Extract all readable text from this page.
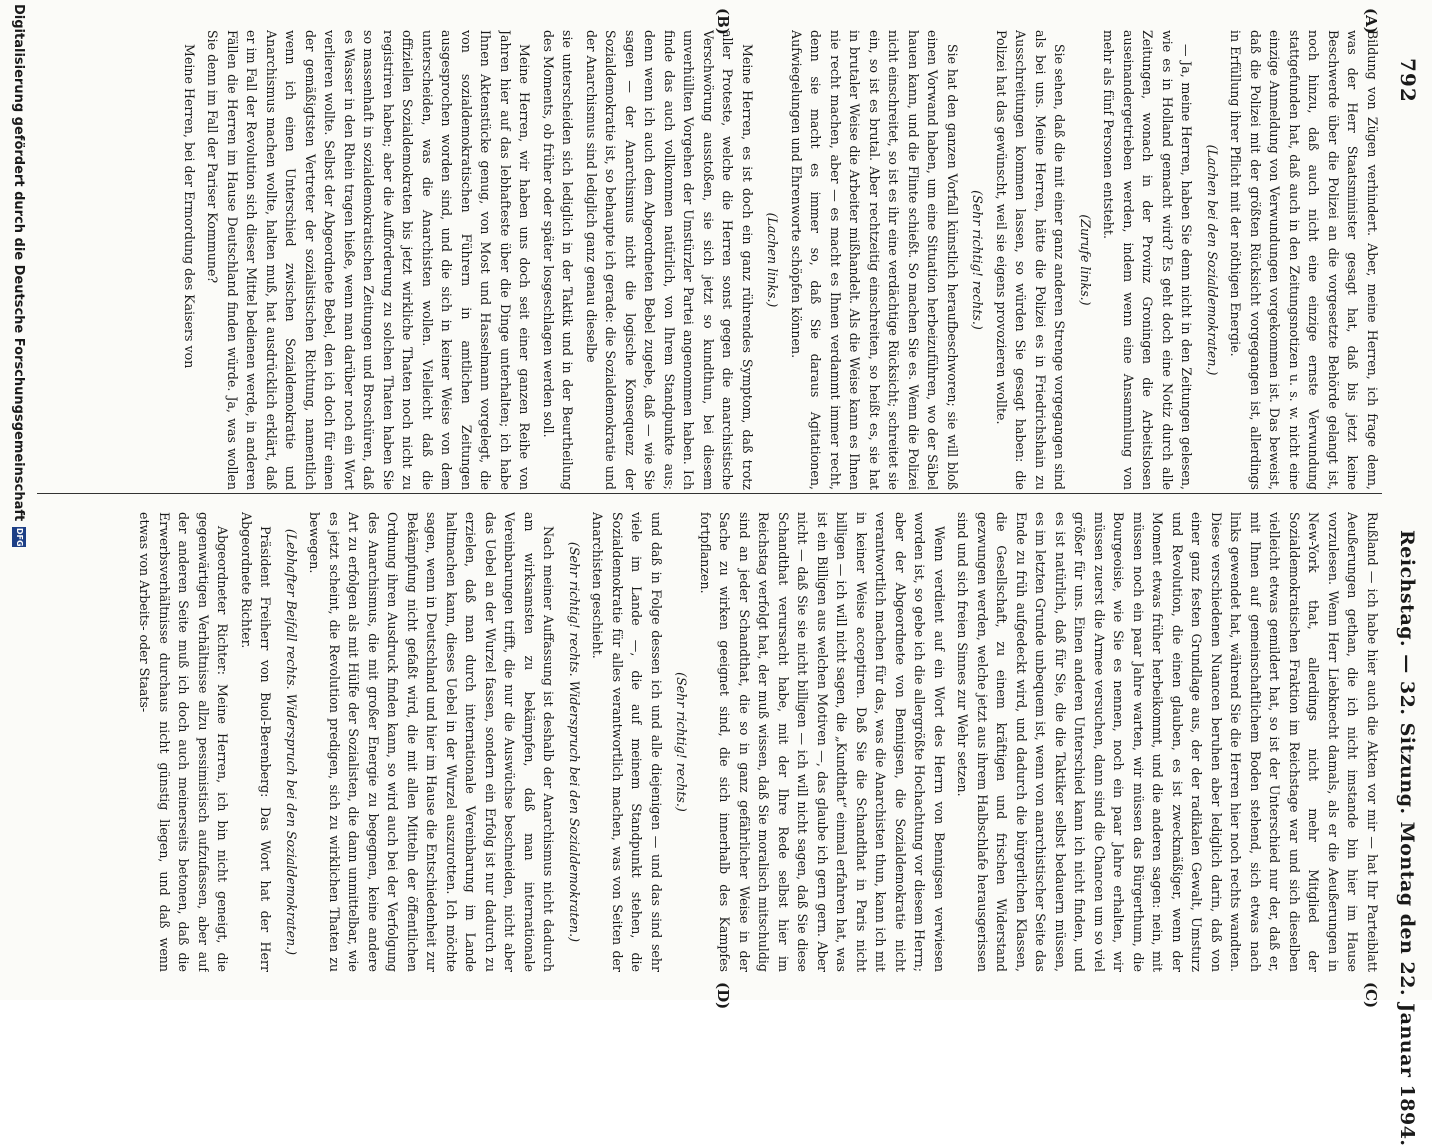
792
Reichstag. — 32. Sitzung. Montag den 22. Januar 1894.
(A)
(B)
(C)
(D)

Bildung von Zügen verhindert. Aber, meine Herren, ich frage denn, was der Herr Staatsminister gesagt hat, daß bis jetzt keine Beschwerde über die Polizei an die vorgesetzte Behörde gelangt ist, noch hinzu, daß auch nicht eine einzige ernste Verwundung stattgefunden hat, daß auch in den Zeitungsnotizen u. s. w. nicht eine einzige Anmeldung von Verwundungen vorgekommen ist. Das beweist, daß die Polizei mit der größten Rücksicht vorgegangen ist, allerdings in Erfüllung ihrer Pflicht mit der nöthigen Energie.

(Lachen bei den Sozialdemokraten.)

— Ja, meine Herren, haben Sie denn nicht in den Zeitungen gelesen, wie es in Holland gemacht wird? Es geht doch eine Notiz durch alle Zeitungen, wonach in der Provinz Groningen die Arbeitslosen auseinandergetrieben werden, indem wenn eine Ansammlung von mehr als fünf Personen entsteht.

(Zurufe links.)

Sie sehen, daß die mit einer ganz anderen Strenge vorgegangen sind als bei uns. Meine Herren, hätte die Polizei es in Friedrichshain zu Ausschreitungen kommen lassen, so würden Sie gesagt haben: die Polizei hat das gewünscht, weil sie eigens provozieren wollte.

(Sehr richtig! rechts.)

Sie hat den ganzen Vorfall künstlich heraufbeschworen; sie will bloß einen Vorwand haben, um eine Situation herbeizuführen, wo der Säbel hauen kann, und die Flinte schießt. So machen Sie es. Wenn die Polizei nicht einschreitet, so ist es ihr eine verdächtige Rücksicht; schreitet sie ein, so ist es brutal. Aber rechtzeitig einschreiten, so heißt es, sie hat in brutaler Weise die Arbeiter mißhandelt. Als die Weise kann es Ihnen nie recht machen, aber — es macht es Ihnen verdammt immer recht, denn sie macht es immer so, daß Sie daraus Agitationen, Aufwiegelungen und Ehrenworte schöpfen können.

(Lachen links.)

Meine Herren, es ist doch ein ganz rührendes Symptom, daß trotz aller Proteste, welche die Herren sonst gegen die anarchistische Verschwörung ausstoßen, sie sich jetzt so kundthun, bei diesem unverhüllten Vorgehen der Umstürzler Partei angenommen haben. Ich finde das auch vollkommen natürlich, von Ihrem Standpunkte aus; denn wenn ich auch dem Abgeordneten Bebel zugebe, daß — wie Sie sagen — der Anarchismus nicht die logische Konsequenz der Sozialdemokratie ist, so behaupte ich gerade: die Sozialdemokratie und der Anarchismus sind lediglich ganz genau dieselbe

sie unterscheiden sich lediglich in der Taktik und in der Beurtheilung des Moments, ob früher oder später losgeschlagen werden soll.

Meine Herren, wir haben uns doch seit einer ganzen Reihe von Jahren hier auf das lebhafteste über die Dinge unterhalten; ich habe Ihnen Aktenstücke genug, von Most und Hasselmann vorgelegt, die von sozialdemokratischen Führern in amtlichen Zeitungen ausgesprochen worden sind, und die sich in keiner Weise von dem unterscheiden, was die Anarchisten wollen. Vielleicht daß die offiziellen Sozialdemokraten bis jetzt wirkliche Thaten noch nicht zu registriren haben; aber die Aufforderung zu solchen Thaten haben Sie so massenhaft in sozialdemokratischen Zeitungen und Broschüren, daß es Wasser in den Rhein tragen hieße, wenn man darüber noch ein Wort verlieren wollte. Selbst der Abgeordnete Bebel, den ich doch für einen der gemäßigtsten Vertreter der sozialistischen Richtung, namentlich wenn ich einen Unterschied zwischen Sozialdemokratie und Anarchismus machen wollte, halten muß, hat ausdrücklich erklärt, daß er im Fall der Revolution sich dieser Mittel bedienen werde, in anderen Fällen die Herren im Hause Deutschland finden würde. Ja, was wollen Sie denn im Fall der Pariser Kommune?

Meine Herren, bei der Ermordung des Kaisers von

Rußland — ich habe hier auch die Akten vor mir — hat Ihr Parteiblatt Aeußerungen gethan, die ich nicht imstande bin hier im Hause vorzulesen. Wenn Herr Liebknecht damals, als er die Aeußerungen in New-York that, allerdings nicht mehr Mitglied der Sozialdemokratischen Fraktion im Reichstage war und sich dieselben vielleicht etwas gemildert hat, so ist der Unterschied nur der, daß er, mit Ihnen auf gemeinschaftlichem Boden stehend, sich etwas nach links gewendet hat, während Sie die Herren hier noch rechts wandten. Diese verschiedenen Nuancen beruhen aber lediglich darin, daß von einer ganz festen Grundlage aus, der der radikalen Gewalt, Umsturz und Revolution, die einen glauben, es ist zweckmäßiger, wenn der Moment etwas früher herbeikommt, und die anderen sagen: nein, mit müssen noch ein paar Jahre warten, wir müssen das Bürgerthum, die Bourgeoisie, wie Sie es nennen, noch ein paar Jahre erhalten, wir müssen zuerst die Armee versuchen, dann sind die Chancen um so viel größer für uns. Einen anderen Unterschied kann ich nicht finden, und es ist natürlich, daß für Sie, die die Taktiker selbst bedauern müssen, es im letzten Grunde unbequem ist, wenn von anarchistischer Seite das Ende zu früh aufgedeckt wird, und dadurch die bürgerlichen Klassen, die Gesellschaft, zu einem kräftigen und frischen Widerstand gezwungen werden, welche jetzt aus ihrem Halbschlafe herausgerissen sind und sich freien Sinnes zur Wehr setzen.

Wenn verdient auf ein Wort des Herrn von Bennigsen verwiesen worden ist, so gebe ich die allergrößte Hochachtung vor diesem Herrn; aber der Abgeordnete von Bennigsen, die Sozialdemokratie nicht verantwortlich machen für das, was die Anarchisten thun, kann ich mit in keiner Weise acceptiren. Daß Sie die Schandthat in Paris nicht billigen — ich will nicht sagen, die „Kundthat“ einmal erfahren hat, was ist ein Billigen aus welchen Motiven —, das glaube ich gern gern. Aber nicht — daß Sie sie nicht billigen — ich will nicht sagen, daß Sie diese Schandthat verursacht habe, mit der Ihre Rede selbst hier im Reichstag verfolgt hat, der muß wissen, daß Sie moralisch mitschuldig sind an jeder Schandthat, die so in ganz gefährlicher Weise in der Sache zu wirken geeignet sind, die sich innerhalb des Kampfes fortpflanzen.

(Sehr richtig! rechts.)

und daß in Folge dessen ich und alle diejenigen — und das sind sehr viele im Lande —, die auf meinem Standpunkt stehen, die Sozialdemokratie für alles verantwortlich machen, was von Seiten der Anarchisten geschieht.

(Sehr richtig! rechts. Widerspruch bei den Sozialdemokraten.)

Nach meiner Auffassung ist deshalb der Anarchismus nicht dadurch am wirksamsten zu bekämpfen, daß man internationale Vereinbarungen trifft, die nur die Auswüchse beschneiden, nicht aber das Uebel an der Wurzel fassen, sondern ein Erfolg ist nur dadurch zu erzielen, daß man durch internationale Vereinbarung im Lande haltmachen kann, dieses Uebel in der Wurzel auszurotten. Ich möchte sagen, wenn in Deutschland und hier im Hause die Entschiedenheit zur Bekämpfung nicht gefaßt wird, die mit allen Mitteln der öffentlichen Ordnung ihren Ausdruck finden kann, so wird auch bei der Verfolgung des Anarchismus, die mit großer Energie zu begegnen, keine andere Art zu erfolgen als mit Hülfe der Sozialisten, die dann unmittelbar, wie es jetzt scheint, die Revolution predigen, sich zu wirklichen Thaten zu bewegen.

(Lebhafter Beifall rechts. Widerspruch bei den Sozialdemokraten.)

Präsident Freiherr von Buol-Berenberg: Das Wort hat der Herr Abgeordnete Richter.

Abgeordneter Richter: Meine Herren, ich bin nicht geneigt, die gegenwärtigen Verhältnisse allzu pessimistisch aufzufassen, aber auf der anderen Seite muß ich doch auch meinerseits betonen, daß die Erwerbsverhältnisse durchaus nicht günstig liegen, und daß wenn etwas von Arbeits- oder Staats-

Digitalisierung gefördert durch die Deutsche Forschungsgemeinschaft
DFG
